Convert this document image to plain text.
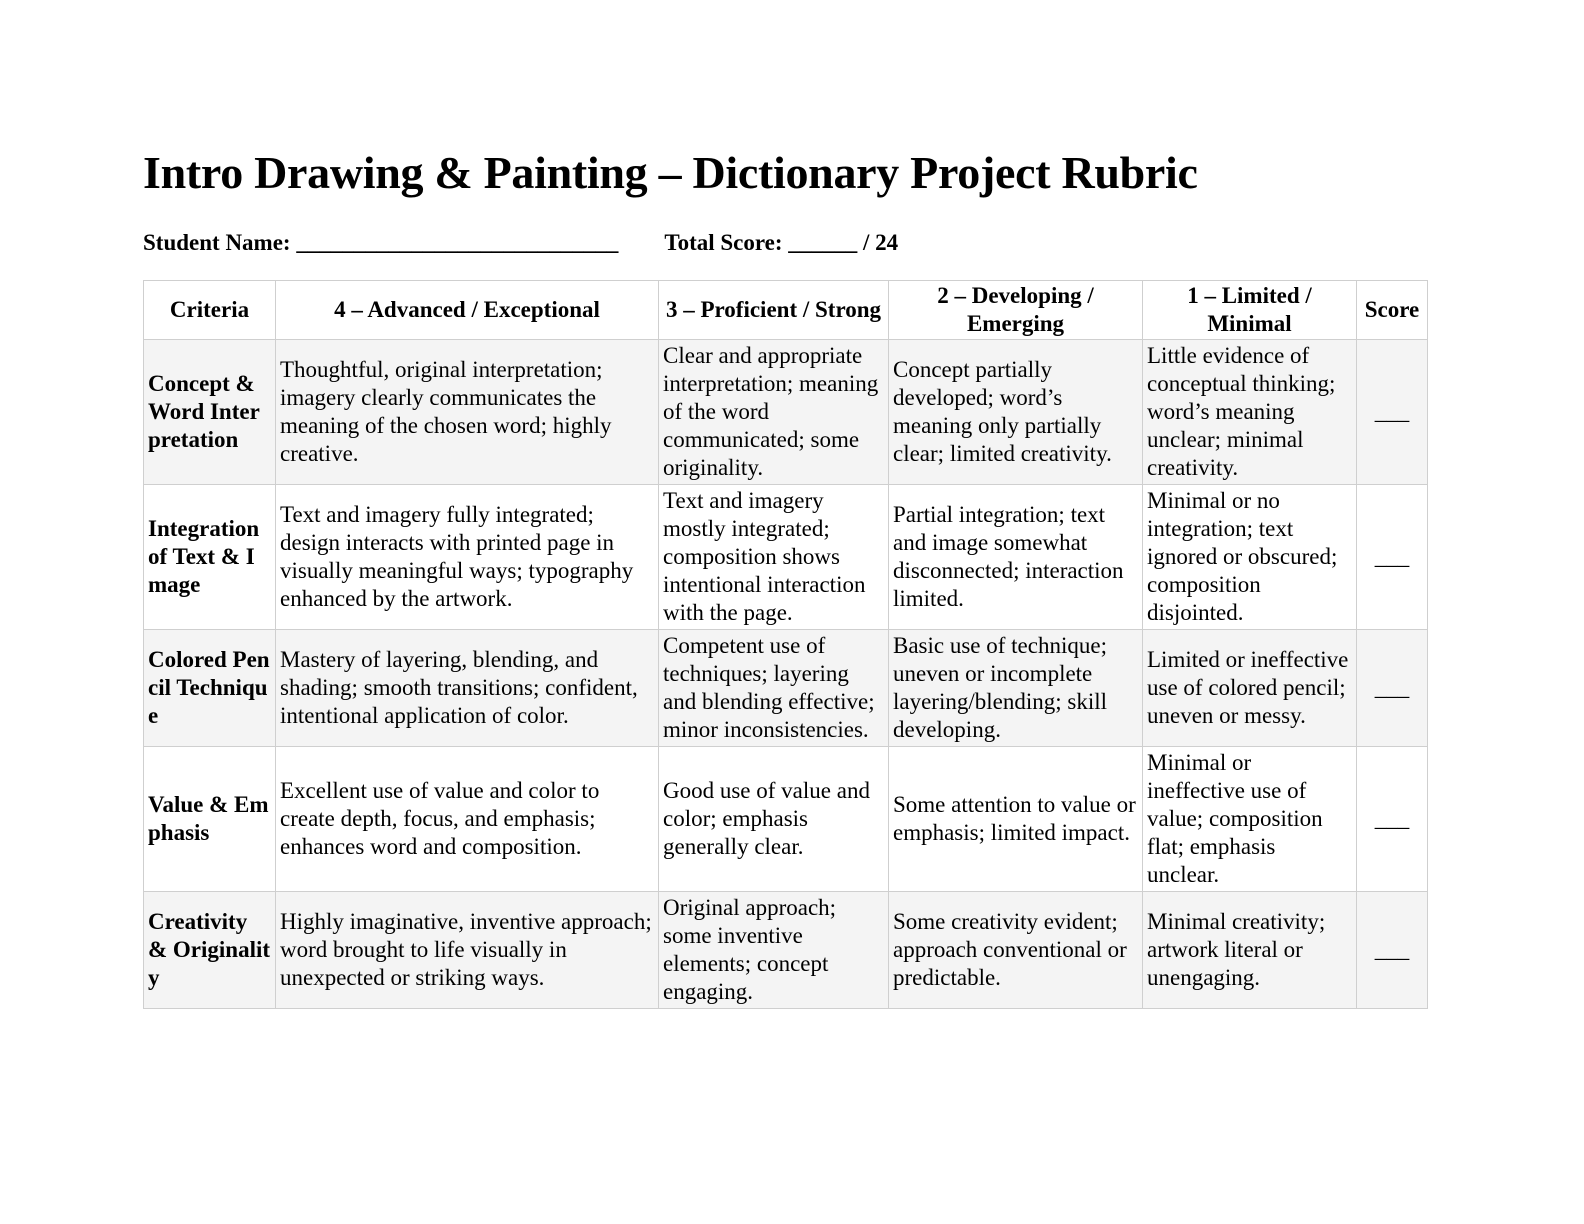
Intro Drawing & Painting – Dictionary Project Rubric
Student Name: ____________________________ Total Score: ______ / 24
Criteria	4 – Advanced / Exceptional	3 – Proficient / Strong	2 – Developing / Emerging	1 – Limited / Minimal	Score
Concept & Word Interpretation	Thoughtful, original interpretation; imagery clearly communicates the meaning of the chosen word; highly creative.	Clear and appropriate interpretation; meaning of the word communicated; some originality.	Concept partially developed; word’s meaning only partially clear; limited creativity.	Little evidence of conceptual thinking; word’s meaning unclear; minimal creativity.	___
Integration of Text & Image	Text and imagery fully integrated; design interacts with printed page in visually meaningful ways; typography enhanced by the artwork.	Text and imagery mostly integrated; composition shows intentional interaction with the page.	Partial integration; text and image somewhat disconnected; interaction limited.	Minimal or no integration; text ignored or obscured; composition disjointed.	___
Colored Pencil Technique	Mastery of layering, blending, and shading; smooth transitions; confident, intentional application of color.	Competent use of techniques; layering and blending effective; minor inconsistencies.	Basic use of technique; uneven or incomplete layering/blending; skill developing.	Limited or ineffective use of colored pencil; uneven or messy.	___
Value & Emphasis	Excellent use of value and color to create depth, focus, and emphasis; enhances word and composition.	Good use of value and color; emphasis generally clear.	Some attention to value or emphasis; limited impact.	Minimal or ineffective use of value; composition flat; emphasis unclear.	___
Creativity & Originality	Highly imaginative, inventive approach; word brought to life visually in unexpected or striking ways.	Original approach; some inventive elements; concept engaging.	Some creativity evident; approach conventional or predictable.	Minimal creativity; artwork literal or unengaging.	___
